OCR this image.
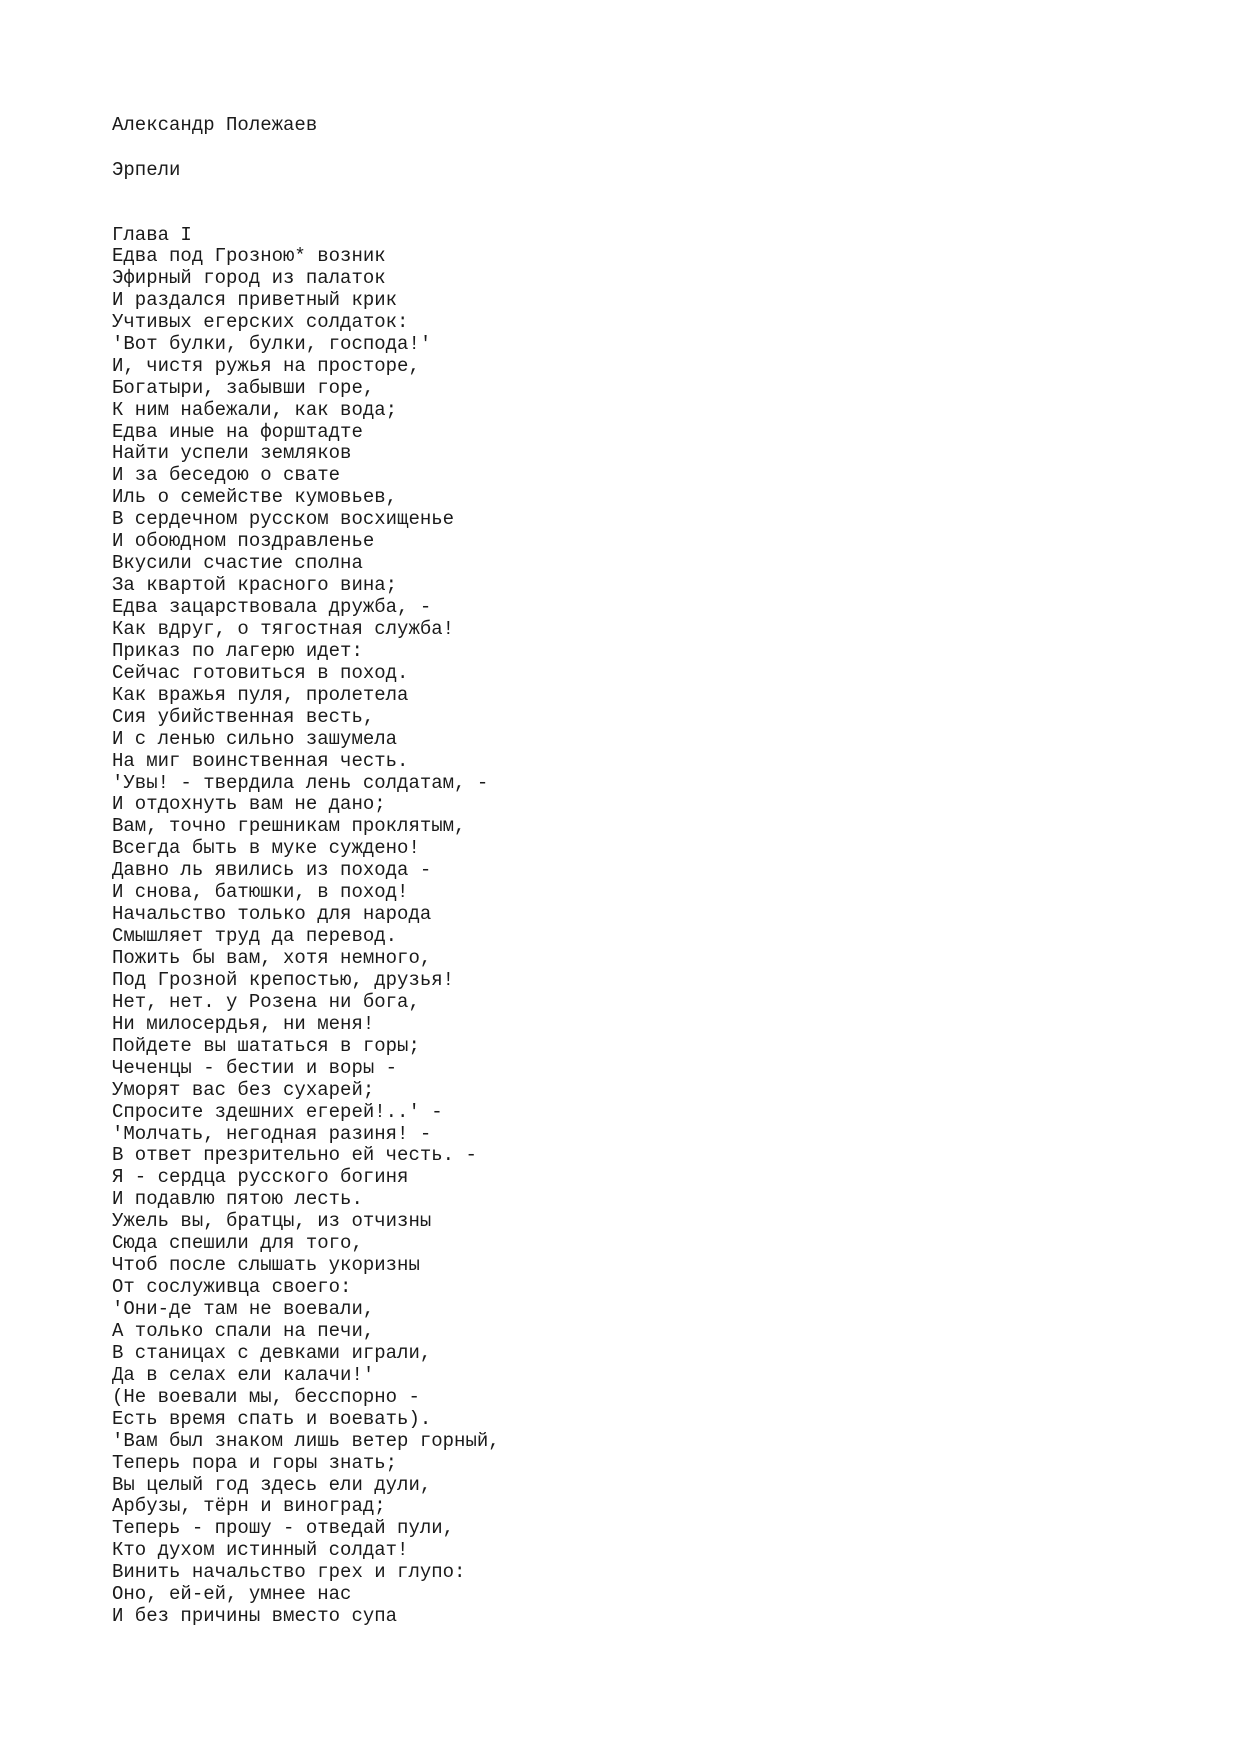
Александр Полежаев
Эрпели
Глава I
Едва под Грозною* возник
Эфирный город из палаток
И раздался приветный крик
Учтивых егерских солдаток:
'Вот булки, булки, господа!'
И, чистя ружья на просторе,
Богатыри, забывши горе,
К ним набежали, как вода;
Едва иные на форштадте
Найти успели земляков
И за беседою о свате
Иль о семействе кумовьев,
В сердечном русском восхищенье
И обоюдном поздравленье
Вкусили счастие сполна
За квартой красного вина;
Едва зацарствовала дружба, -
Как вдруг, о тягостная служба!
Приказ по лагерю идет:
Сейчас готовиться в поход.
Как вражья пуля, пролетела
Сия убийственная весть,
И с ленью сильно зашумела
На миг воинственная честь.
'Увы! - твердила лень солдатам, -
И отдохнуть вам не дано;
Вам, точно грешникам проклятым,
Всегда быть в муке суждено!
Давно ль явились из похода -
И снова, батюшки, в поход!
Начальство только для народа
Смышляет труд да перевод.
Пожить бы вам, хотя немного,
Под Грозной крепостью, друзья!
Нет, нет. у Розена ни бога,
Ни милосердья, ни меня!
Пойдете вы шататься в горы;
Чеченцы - бестии и воры -
Уморят вас без сухарей;
Спросите здешних егерей!..' -
'Молчать, негодная разиня! -
В ответ презрительно ей честь. -
Я - сердца русского богиня
И подавлю пятою лесть.
Ужель вы, братцы, из отчизны
Сюда спешили для того,
Чтоб после слышать укоризны
От сослуживца своего:
'Они-де там не воевали,
А только спали на печи,
В станицах с девками играли,
Да в селах ели калачи!'
(Не воевали мы, бесспорно -
Есть время спать и воевать).
'Вам был знаком лишь ветер горный,
Теперь пора и горы знать;
Вы целый год здесь ели дули,
Арбузы, тёрн и виноград;
Теперь - прошу - отведай пули,
Кто духом истинный солдат!
Винить начальство грех и глупо:
Оно, ей-ей, умнее нас
И без причины вместо супа
